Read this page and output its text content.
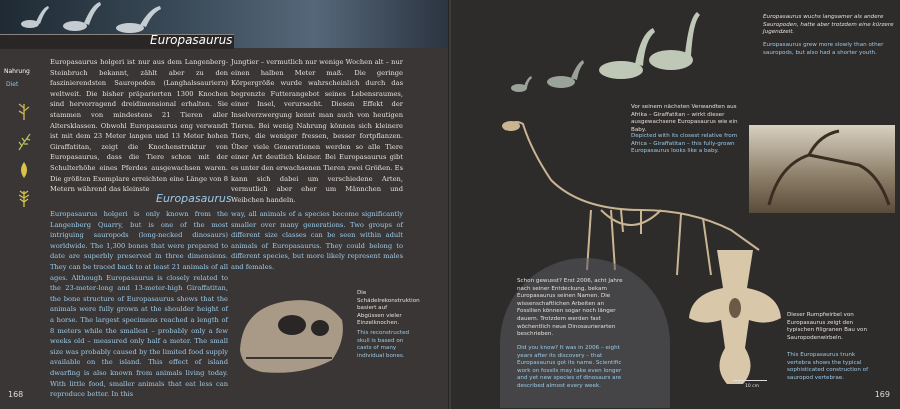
Europasaurus
Nahrung
Diet
Europasaurus holgeri ist nur aus dem Langenberg-Steinbruch bekannt, zählt aber zu den faszinierendsten Sauropoden (Langhalssauriern) weltweit. Die bisher präparierten 1300 Knochen sind hervorragend dreidimensional erhalten. Sie stammen von mindestens 21 Tieren aller Altersklassen. Obwohl Europasaurus eng verwandt ist mit dem 23 Meter langen und 13 Meter hohen Giraffatitan, zeigt die Knochenstruktur von Europasaurus, dass die Tiere schon mit der Schulterhöhe eines Pferdes ausgewachsen waren. Die größten Exemplare erreichten eine Länge von 8 Metern während das kleinste
Jungtier – vermutlich nur wenige Wochen alt – nur einen halben Meter maß. Die geringe Körpergröße wurde wahrscheinlich durch das begrenzte Futterangebot seines Lebensraumes, einer Insel, verursacht. Diesen Effekt der Inselverzwergung kennt man auch von heutigen Tieren. Bei wenig Nahrung können sich kleinere Tiere, die weniger fressen, besser fortpflanzen. Über viele Generationen werden so alle Tiere einer Art deutlich kleiner. Bei Europasaurus gibt es unter den erwachsenen Tieren zwei Größen. Es kann sich dabei um verschiedene Arten, vermutlich aber eher um Männchen und Weibchen handeln.
Europasaurus
Europasaurus holgeri is only known from the Langenberg Quarry, but is one of the most intriguing sauropods (long-necked dinosaurs) worldwide. The 1,300 bones that were prepared to date are superbly preserved in three dimensions. They can be traced back to at least 21 animals of all ages. Although Europasaurus is closely related to the 23-meter-long and 13-meter-high Giraffatitan, the bone structure of Europasaurus shows that the animals were fully grown at the shoulder height of a horse. The largest specimens reached a length of 8 meters while the smallest – probably only a few weeks old – measured only half a meter. The small size was probably caused by the limited food supply available on the island. This effect of island dwarfing is also known from animals living today. With little food, smaller animals that eat less can reproduce better. In this
way, all animals of a species become significantly smaller over many generations. Two groups of different size classes can be seen within adult animals of Europasaurus. They could belong to different species, but more likely represent males and females.
Die Schädelrekonstruktion basiert auf Abgüssen vieler Einzelknochen.
This reconstructed skull is based on casts of many individual bones.
168
Europasaurus wuchs langsamer als andere Sauropoden, hatte aber trotzdem eine kürzere Jugendzeit.
Europasaurus grew more slowly than other sauropods, but also had a shorter youth.
Vor seinem nächsten Verwandten aus Afrika – Giraffatitan – wirkt dieser ausgewachsene Europasaurus wie ein Baby.
Depicted with its closest relative from Africa – Giraffatitan – this fully-grown Europasaurus looks like a baby.
Schon gewusst? Erst 2006, acht Jahre nach seiner Entdeckung, bekam Europasaurus seinen Namen. Die wissenschaftlichen Arbeiten an Fossilien können sogar noch länger dauern. Trotzdem werden fast wöchentlich neue Dinosaurierarten beschrieben.
Did you know? It was in 2006 – eight years after its discovery – that Europasaurus got its name. Scientific work on fossils may take even longer and yet new species of dinosaurs are described almost every week.	10 cm
Dieser Rumpfwirbel von Europasaurus zeigt den typischen filigranen Bau von Sauropodenwirbeln.
This Europasaurus trunk vertebra shows the typical sophisticated construction of sauropod vertebrae.
169
